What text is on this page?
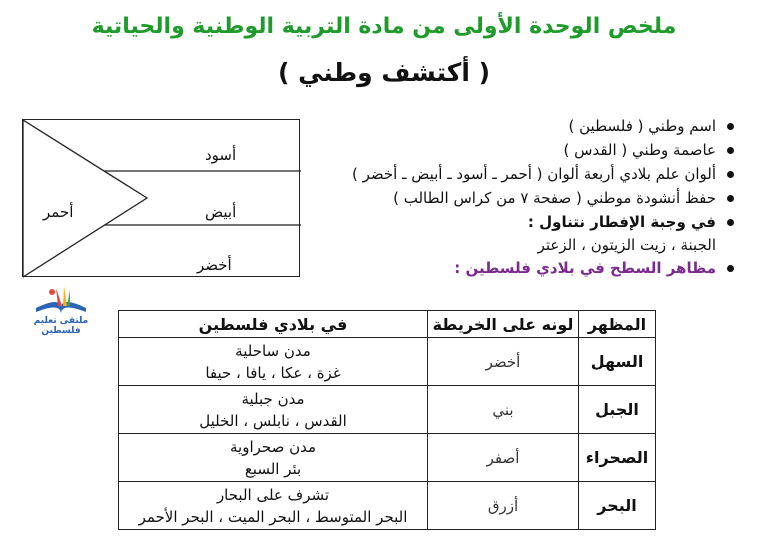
ملخص الوحدة الأولى من مادة التربية الوطنية والحياتية
( أكتشف وطني )
أسود
أبيض
أخضر
أحمر
اسم وطني ( فلسطين )
عاصمة وطني ( القدس )
ألوان علم بلادي أربعة ألوان ( أحمر ـ أسود ـ أبيض ـ أخضر )
حفظ أنشودة موطني ( صفحة ٧ من كراس الطالب )
في وجبة الإفطار نتناول :
الجبنة ، زيت الزيتون ، الزعتر
مظاهر السطح في بلادي فلسطين :
ملتقى تعليم فلسطين	المظهر	لونه على الخريطة	في بلادي فلسطين
السهل	أخضر	مدن ساحلية
غزة ، عكا ، يافا ، حيفا

الجبل	بني	مدن جبلية
القدس ، نابلس ، الخليل

الصحراء	أصفر	مدن صحراوية
بئر السبع

البحر	أزرق	تشرف على البحار
البحر المتوسط ، البحر الميت ، البحر الأحمر
